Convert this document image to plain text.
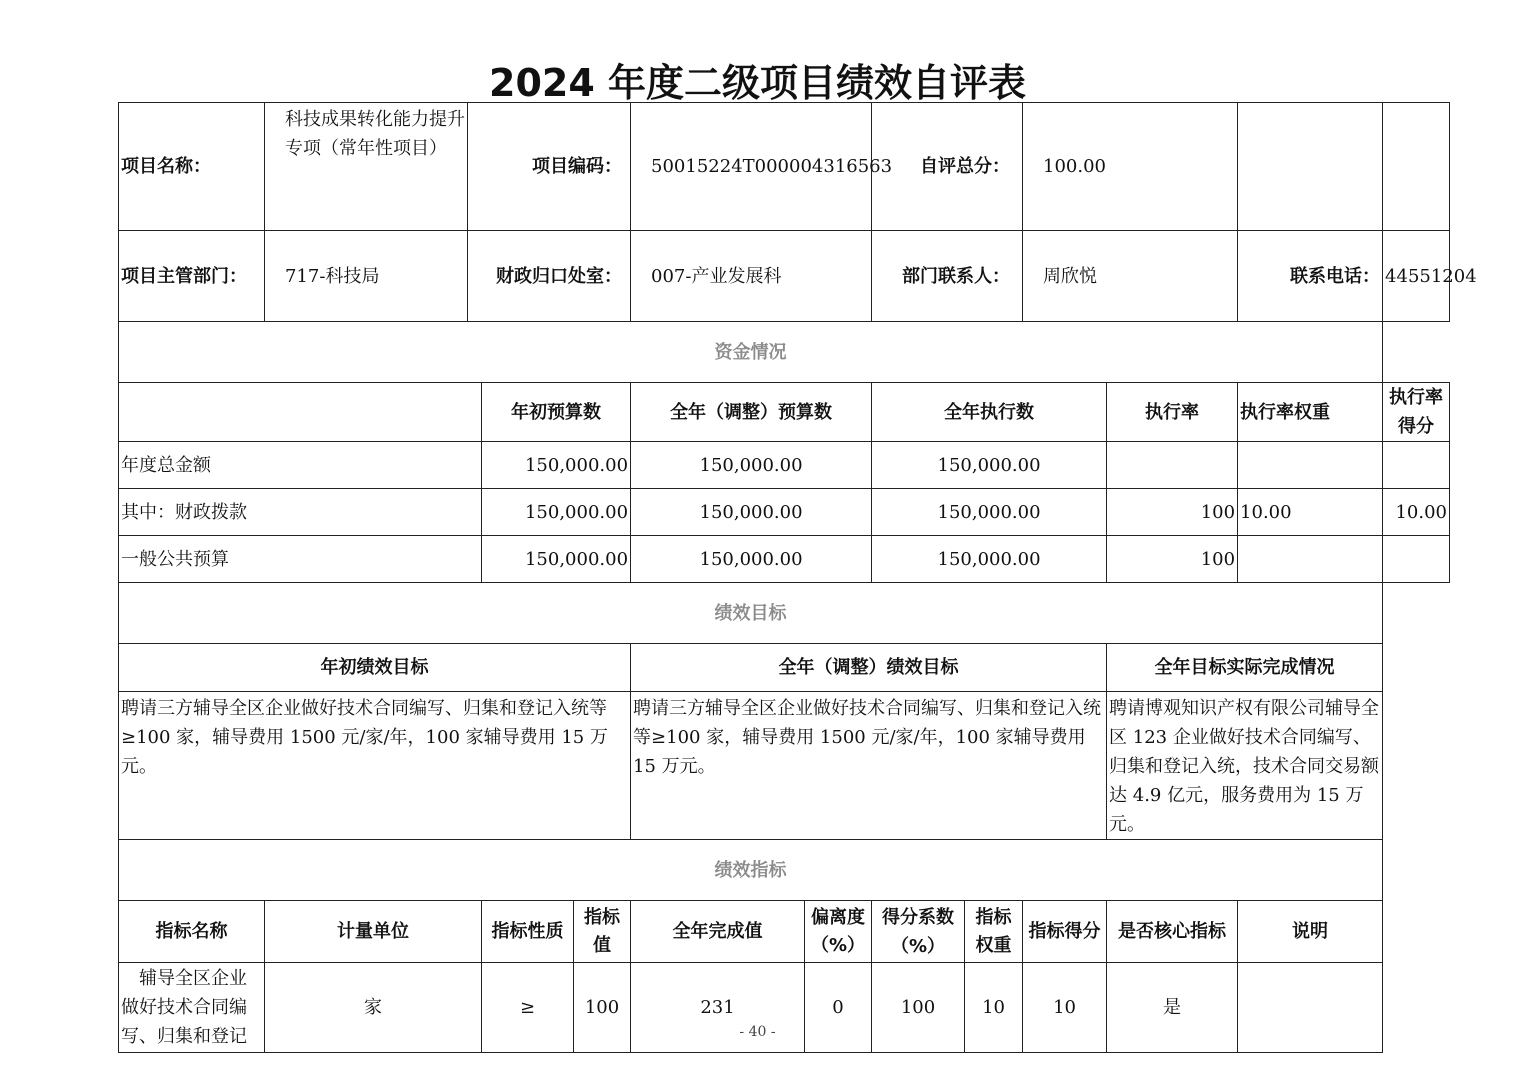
2024 年度二级项目绩效自评表
项目名称：	科技成果转化能力提升专项（常年性项目）	项目编码：			50015224T000004316563		自评总分：		100.00			
项目主管部门：	717-科技局	财政归口处室：			007-产业发展科		部门联系人：		周欣悦		联系电话：	44551204
资金情况												
			年初预算数		全年（调整）预算数		全年执行数			执行率	执行率权重	执行率得分
年度总金额			150,000.00		150,000.00		150,000.00					
其中：财政拨款			150,000.00		150,000.00		150,000.00			100	10.00	10.00
一般公共预算			150,000.00		150,000.00		150,000.00			100		
绩效目标												
年初绩效目标					全年（调整）绩效目标					全年目标实际完成情况		
聘请三方辅导全区企业做好技术合同编写、归集和登记入统等≥100 家，辅导费用 1500 元/家/年，100 家辅导费用 15 万元。					聘请三方辅导全区企业做好技术合同编写、归集和登记入统等≥100 家，辅导费用 1500 元/家/年，100 家辅导费用 15 万元。					聘请博观知识产权有限公司辅导全区 123 企业做好技术合同编写、归集和登记入统，技术合同交易额达 4.9 亿元，服务费用为 15 万元。		
绩效指标												
指标名称	计量单位		指标性质	指标值	全年完成值	偏离度（%）	得分系数（%）	指标权重	指标得分	是否核心指标	说明	
辅导全区企业做好技术合同编写、归集和登记	家		≥	100	231	0	100	10	10	是		
- 40 -
